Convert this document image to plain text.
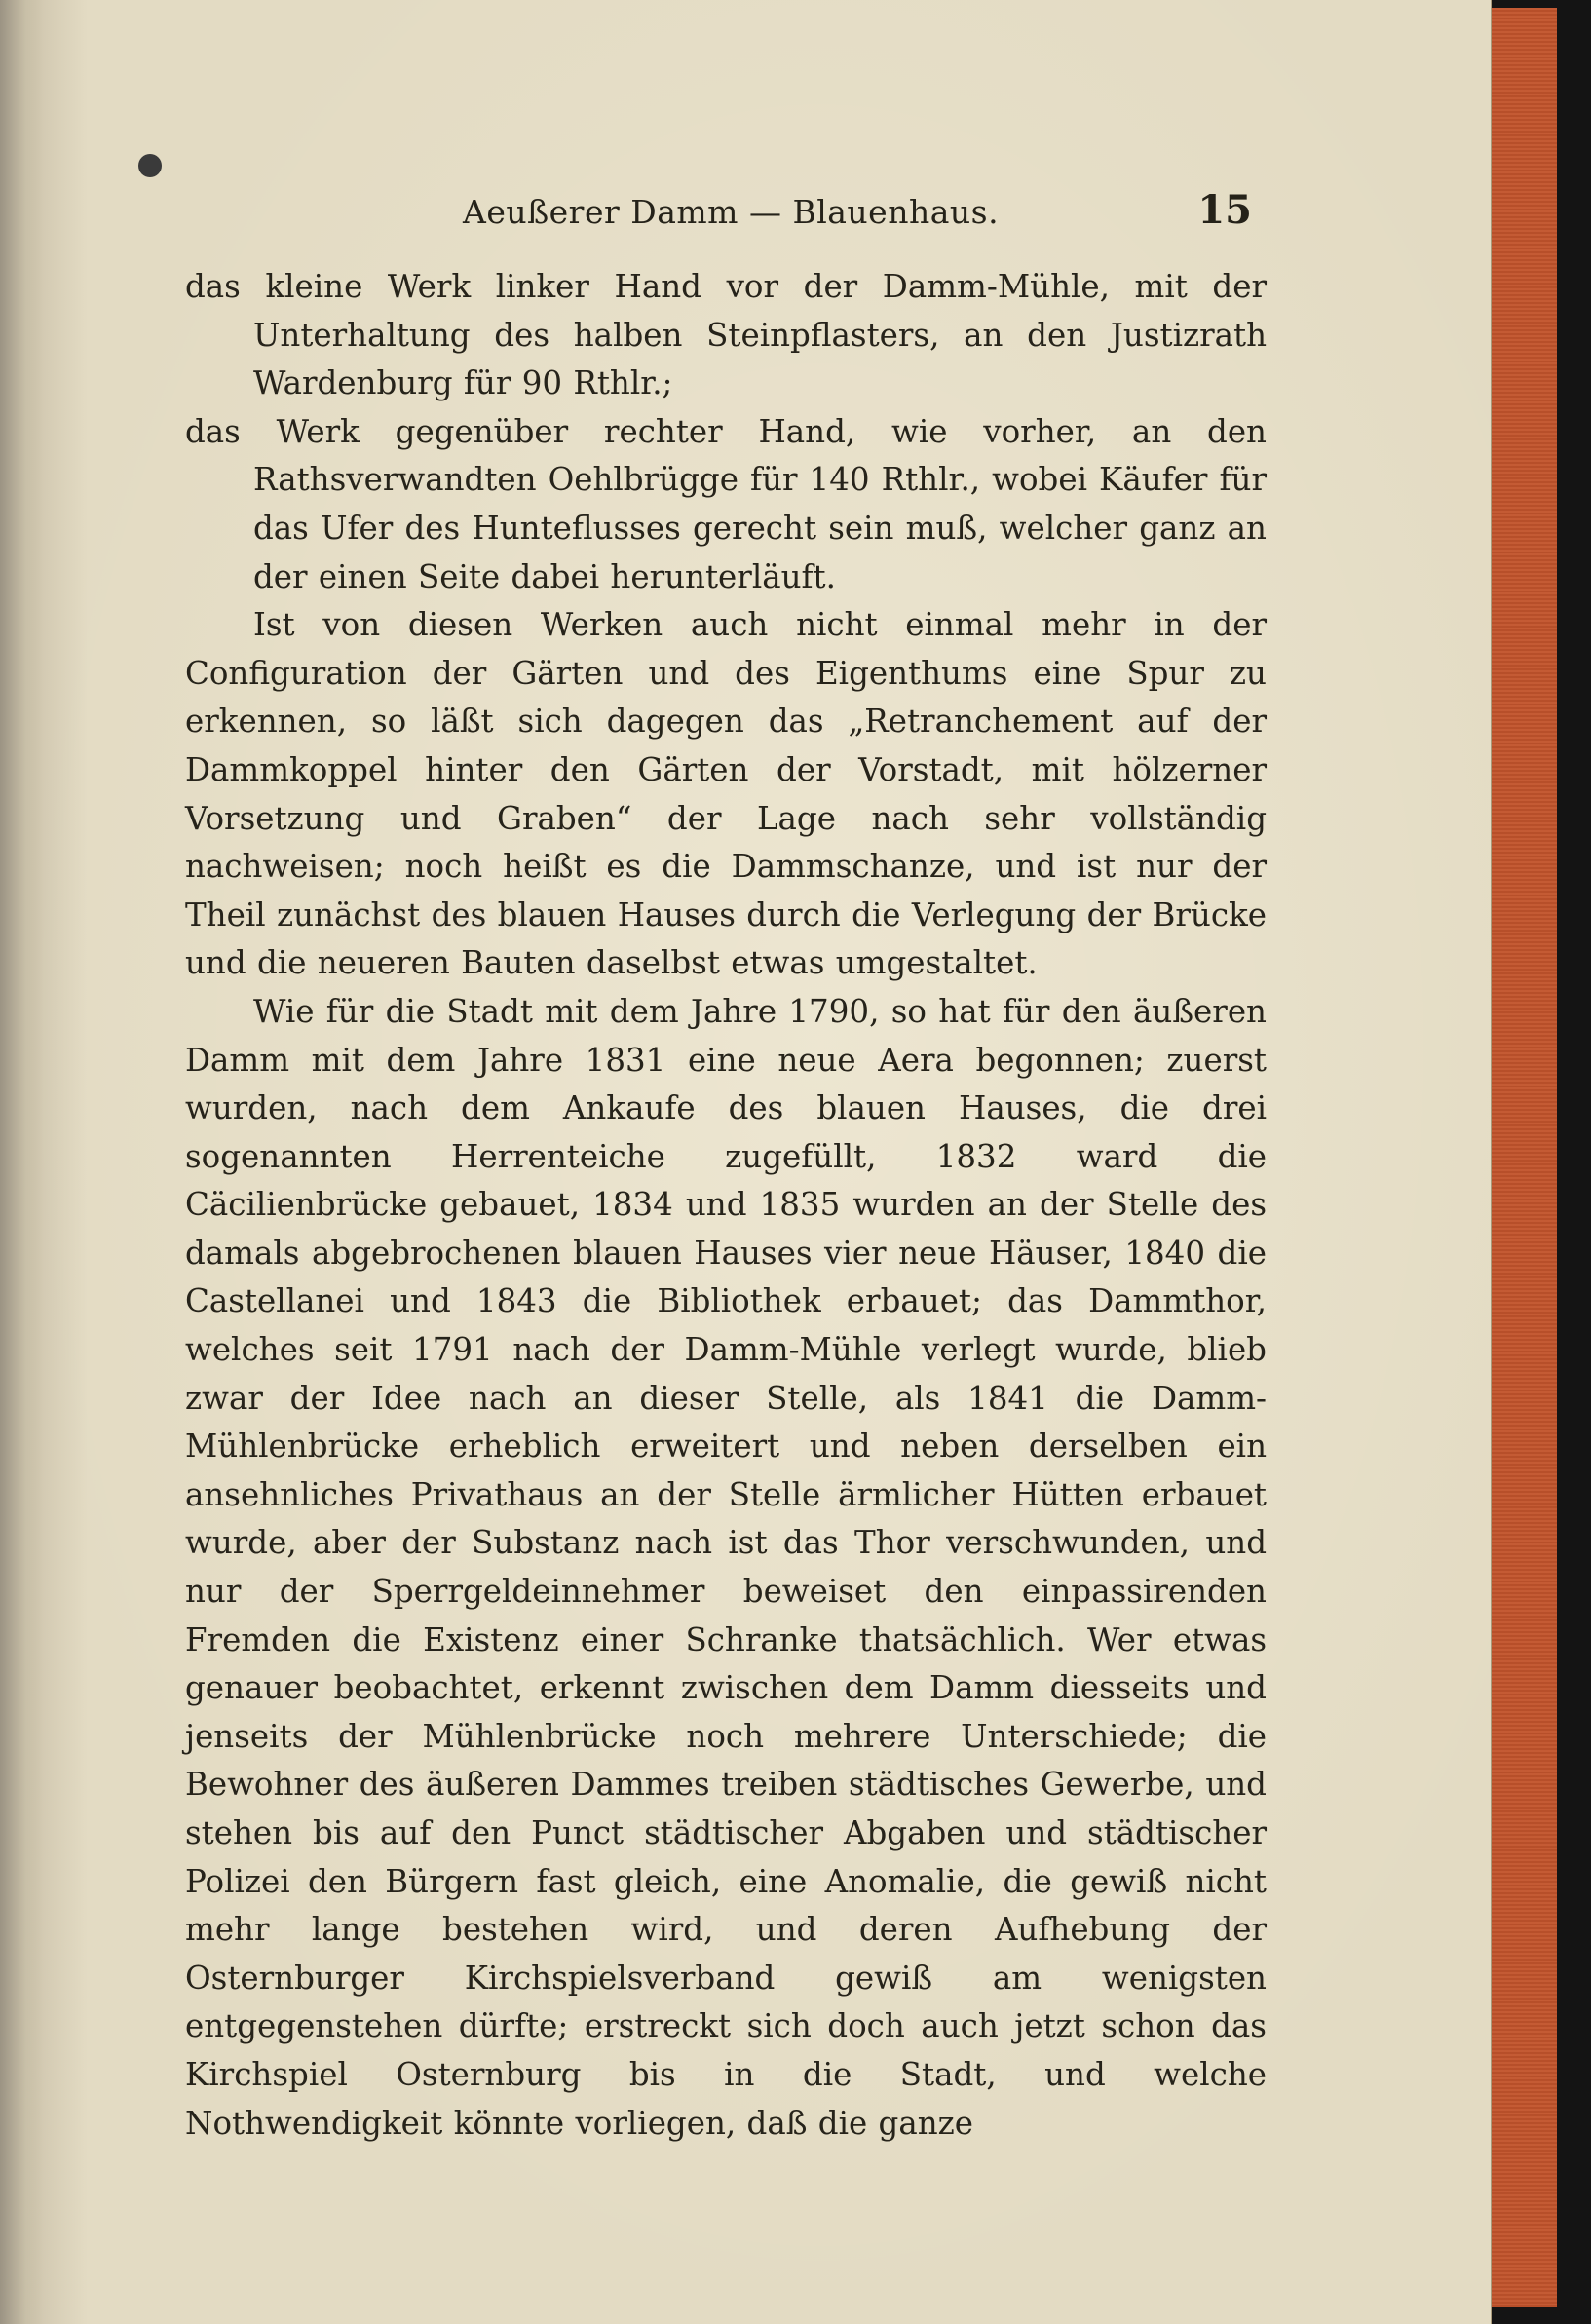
Aeußerer Damm — Blauenhaus.	15

das kleine Werk linker Hand vor der Damm-Mühle, mit der Unterhaltung des halben Steinpflasters, an den Justizrath Wardenburg für 90 Rthlr.;

das Werk gegenüber rechter Hand, wie vorher, an den Rathsverwandten Oehlbrügge für 140 Rthlr., wobei Käufer für das Ufer des Hunteflusses gerecht sein muß, welcher ganz an der einen Seite dabei herunterläuft.

Ist von diesen Werken auch nicht einmal mehr in der Configuration der Gärten und des Eigenthums eine Spur zu erkennen, so läßt sich dagegen das „Retranchement auf der Dammkoppel hinter den Gärten der Vorstadt, mit hölzerner Vorsetzung und Graben“ der Lage nach sehr vollständig nachweisen; noch heißt es die Dammschanze, und ist nur der Theil zunächst des blauen Hauses durch die Verlegung der Brücke und die neueren Bauten daselbst etwas umgestaltet.

Wie für die Stadt mit dem Jahre 1790, so hat für den äußeren Damm mit dem Jahre 1831 eine neue Aera begonnen; zuerst wurden, nach dem Ankaufe des blauen Hauses, die drei sogenannten Herrenteiche zugefüllt, 1832 ward die Cäcilienbrücke gebauet, 1834 und 1835 wurden an der Stelle des damals abgebrochenen blauen Hauses vier neue Häuser, 1840 die Castellanei und 1843 die Bibliothek erbauet; das Dammthor, welches seit 1791 nach der Damm-Mühle verlegt wurde, blieb zwar der Idee nach an dieser Stelle, als 1841 die Damm-Mühlenbrücke erheblich erweitert und neben derselben ein ansehnliches Privathaus an der Stelle ärmlicher Hütten erbauet wurde, aber der Substanz nach ist das Thor verschwunden, und nur der Sperrgeldeinnehmer beweiset den einpassirenden Fremden die Existenz einer Schranke thatsächlich. Wer etwas genauer beobachtet, erkennt zwischen dem Damm diesseits und jenseits der Mühlenbrücke noch mehrere Unterschiede; die Bewohner des äußeren Dammes treiben städtisches Gewerbe, und stehen bis auf den Punct städtischer Abgaben und städtischer Polizei den Bürgern fast gleich, eine Anomalie, die gewiß nicht mehr lange bestehen wird, und deren Aufhebung der Osternburger Kirchspielsverband gewiß am wenigsten entgegenstehen dürfte; erstreckt sich doch auch jetzt schon das Kirchspiel Osternburg bis in die Stadt, und welche Nothwendigkeit könnte vorliegen, daß die ganze
